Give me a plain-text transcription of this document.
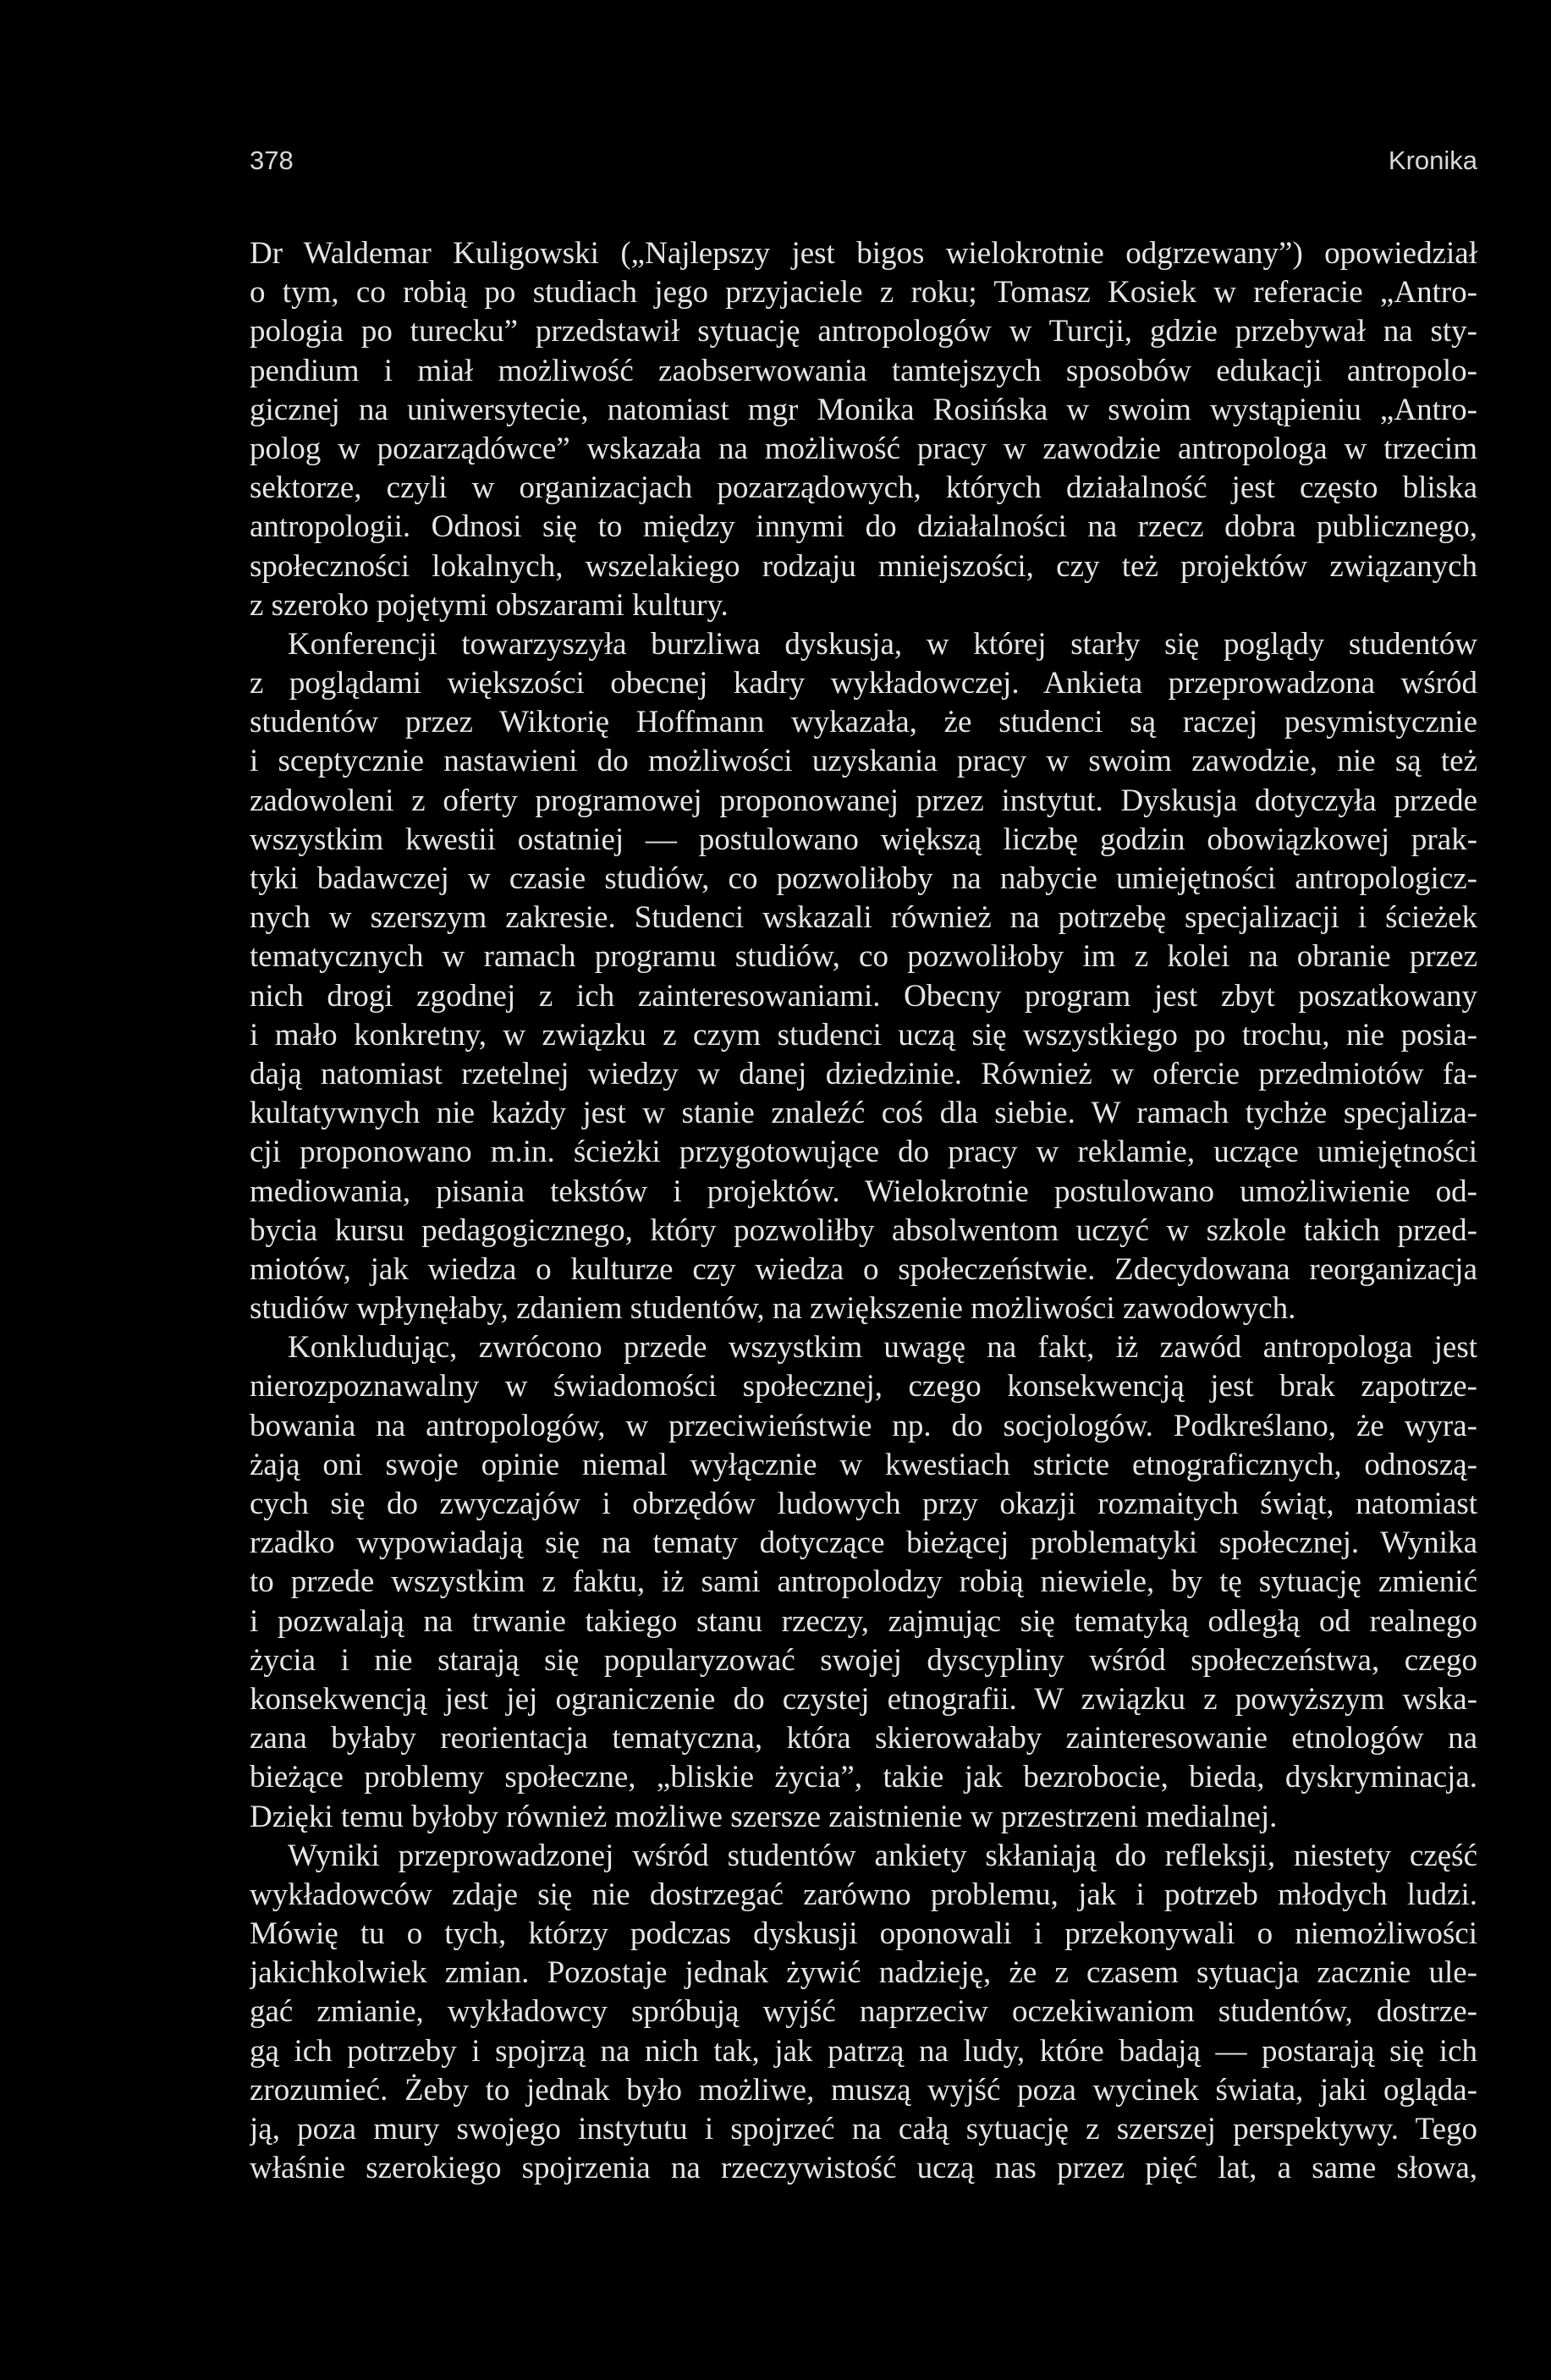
378	Kronika
Dr Waldemar Kuligowski („Najlepszy jest bigos wielokrotnie odgrzewany”) opowiedział
o tym, co robią po studiach jego przyjaciele z roku; Tomasz Kosiek w referacie „Antro-
pologia po turecku” przedstawił sytuację antropologów w Turcji, gdzie przebywał na sty-
pendium i miał możliwość zaobserwowania tamtejszych sposobów edukacji antropolo-
gicznej na uniwersytecie, natomiast mgr Monika Rosińska w swoim wystąpieniu „Antro-
polog w pozarządówce” wskazała na możliwość pracy w zawodzie antropologa w trzecim
sektorze, czyli w organizacjach pozarządowych, których działalność jest często bliska
antropologii. Odnosi się to między innymi do działalności na rzecz dobra publicznego,
społeczności lokalnych, wszelakiego rodzaju mniejszości, czy też projektów związanych
z szeroko pojętymi obszarami kultury.
Konferencji towarzyszyła burzliwa dyskusja, w której starły się poglądy studentów
z poglądami większości obecnej kadry wykładowczej. Ankieta przeprowadzona wśród
studentów przez Wiktorię Hoffmann wykazała, że studenci są raczej pesymistycznie
i sceptycznie nastawieni do możliwości uzyskania pracy w swoim zawodzie, nie są też
zadowoleni z oferty programowej proponowanej przez instytut. Dyskusja dotyczyła przede
wszystkim kwestii ostatniej — postulowano większą liczbę godzin obowiązkowej prak-
tyki badawczej w czasie studiów, co pozwoliłoby na nabycie umiejętności antropologicz-
nych w szerszym zakresie. Studenci wskazali również na potrzebę specjalizacji i ścieżek
tematycznych w ramach programu studiów, co pozwoliłoby im z kolei na obranie przez
nich drogi zgodnej z ich zainteresowaniami. Obecny program jest zbyt poszatkowany
i mało konkretny, w związku z czym studenci uczą się wszystkiego po trochu, nie posia-
dają natomiast rzetelnej wiedzy w danej dziedzinie. Również w ofercie przedmiotów fa-
kultatywnych nie każdy jest w stanie znaleźć coś dla siebie. W ramach tychże specjaliza-
cji proponowano m.in. ścieżki przygotowujące do pracy w reklamie, uczące umiejętności
mediowania, pisania tekstów i projektów. Wielokrotnie postulowano umożliwienie od-
bycia kursu pedagogicznego, który pozwoliłby absolwentom uczyć w szkole takich przed-
miotów, jak wiedza o kulturze czy wiedza o społeczeństwie. Zdecydowana reorganizacja
studiów wpłynęłaby, zdaniem studentów, na zwiększenie możliwości zawodowych.
Konkludując, zwrócono przede wszystkim uwagę na fakt, iż zawód antropologa jest
nierozpoznawalny w świadomości społecznej, czego konsekwencją jest brak zapotrze-
bowania na antropologów, w przeciwieństwie np. do socjologów. Podkreślano, że wyra-
żają oni swoje opinie niemal wyłącznie w kwestiach stricte etnograficznych, odnoszą-
cych się do zwyczajów i obrzędów ludowych przy okazji rozmaitych świąt, natomiast
rzadko wypowiadają się na tematy dotyczące bieżącej problematyki społecznej. Wynika
to przede wszystkim z faktu, iż sami antropolodzy robią niewiele, by tę sytuację zmienić
i pozwalają na trwanie takiego stanu rzeczy, zajmując się tematyką odległą od realnego
życia i nie starają się popularyzować swojej dyscypliny wśród społeczeństwa, czego
konsekwencją jest jej ograniczenie do czystej etnografii. W związku z powyższym wska-
zana byłaby reorientacja tematyczna, która skierowałaby zainteresowanie etnologów na
bieżące problemy społeczne, „bliskie życia”, takie jak bezrobocie, bieda, dyskryminacja.
Dzięki temu byłoby również możliwe szersze zaistnienie w przestrzeni medialnej.
Wyniki przeprowadzonej wśród studentów ankiety skłaniają do refleksji, niestety część
wykładowców zdaje się nie dostrzegać zarówno problemu, jak i potrzeb młodych ludzi.
Mówię tu o tych, którzy podczas dyskusji oponowali i przekonywali o niemożliwości
jakichkolwiek zmian. Pozostaje jednak żywić nadzieję, że z czasem sytuacja zacznie ule-
gać zmianie, wykładowcy spróbują wyjść naprzeciw oczekiwaniom studentów, dostrze-
gą ich potrzeby i spojrzą na nich tak, jak patrzą na ludy, które badają — postarają się ich
zrozumieć. Żeby to jednak było możliwe, muszą wyjść poza wycinek świata, jaki ogląda-
ją, poza mury swojego instytutu i spojrzeć na całą sytuację z szerszej perspektywy. Tego
właśnie szerokiego spojrzenia na rzeczywistość uczą nas przez pięć lat, a same słowa,
